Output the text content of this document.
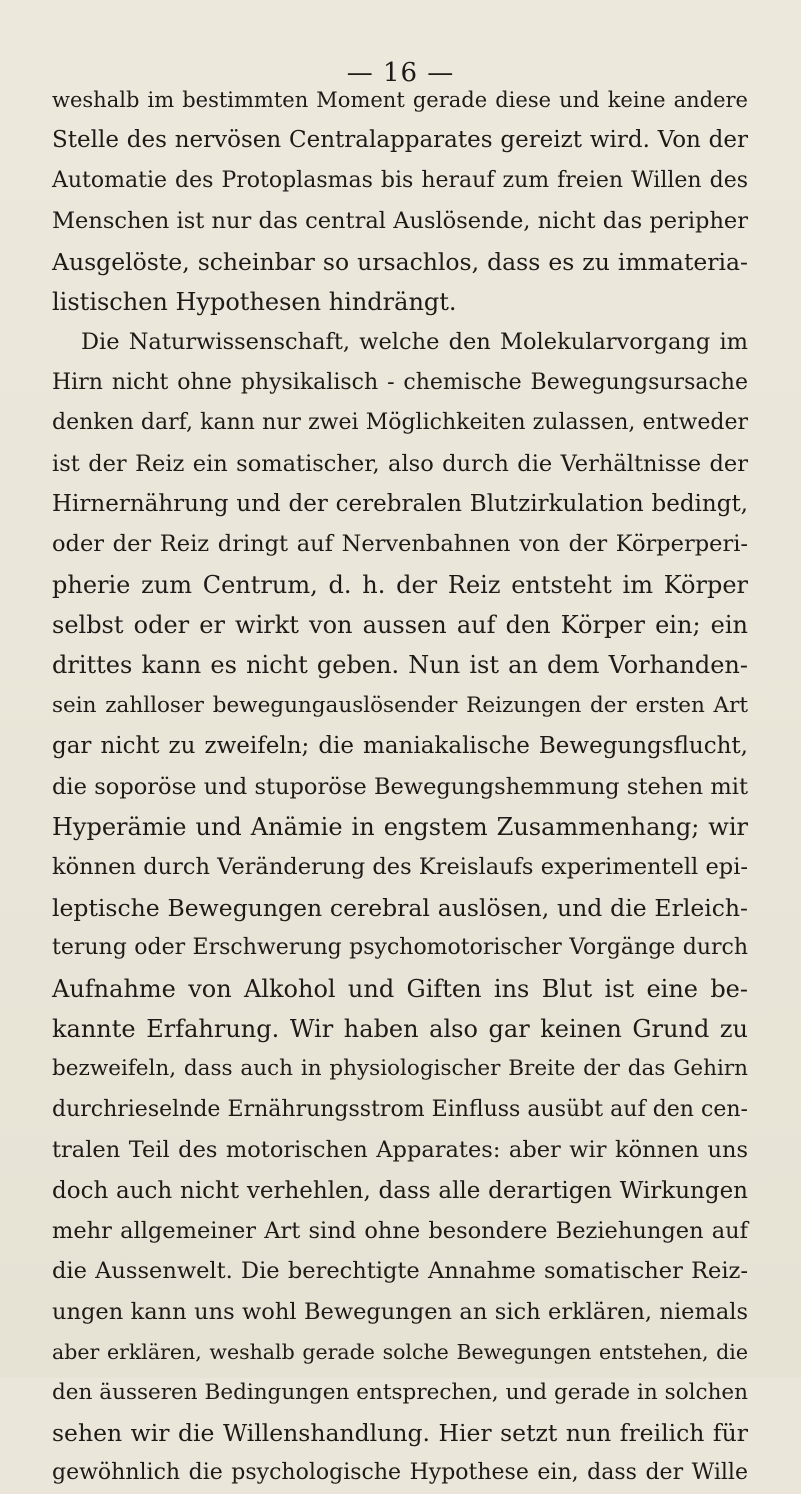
— 16 —
weshalb im bestimmten Moment gerade diese und keine andere
Stelle des nervösen Centralapparates gereizt wird. Von der
Automatie des Protoplasmas bis herauf zum freien Willen des
Menschen ist nur das central Auslösende, nicht das peripher
Ausgelöste, scheinbar so ursachlos, dass es zu immateria-
listischen Hypothesen hindrängt.
Die Naturwissenschaft, welche den Molekularvorgang im
Hirn nicht ohne physikalisch - chemische Bewegungsursache
denken darf, kann nur zwei Möglichkeiten zulassen, entweder
ist der Reiz ein somatischer, also durch die Verhältnisse der
Hirnernährung und der cerebralen Blutzirkulation bedingt,
oder der Reiz dringt auf Nervenbahnen von der Körperperi-
pherie zum Centrum, d. h. der Reiz entsteht im Körper
selbst oder er wirkt von aussen auf den Körper ein; ein
drittes kann es nicht geben. Nun ist an dem Vorhanden-
sein zahlloser bewegungauslösender Reizungen der ersten Art
gar nicht zu zweifeln; die maniakalische Bewegungsflucht,
die soporöse und stuporöse Bewegungshemmung stehen mit
Hyperämie und Anämie in engstem Zusammenhang; wir
können durch Veränderung des Kreislaufs experimentell epi-
leptische Bewegungen cerebral auslösen, und die Erleich-
terung oder Erschwerung psychomotorischer Vorgänge durch
Aufnahme von Alkohol und Giften ins Blut ist eine be-
kannte Erfahrung. Wir haben also gar keinen Grund zu
bezweifeln, dass auch in physiologischer Breite der das Gehirn
durchrieselnde Ernährungsstrom Einfluss ausübt auf den cen-
tralen Teil des motorischen Apparates: aber wir können uns
doch auch nicht verhehlen, dass alle derartigen Wirkungen
mehr allgemeiner Art sind ohne besondere Beziehungen auf
die Aussenwelt. Die berechtigte Annahme somatischer Reiz-
ungen kann uns wohl Bewegungen an sich erklären, niemals
aber erklären, weshalb gerade solche Bewegungen entstehen, die
den äusseren Bedingungen entsprechen, und gerade in solchen
sehen wir die Willenshandlung. Hier setzt nun freilich für
gewöhnlich die psychologische Hypothese ein, dass der Wille
